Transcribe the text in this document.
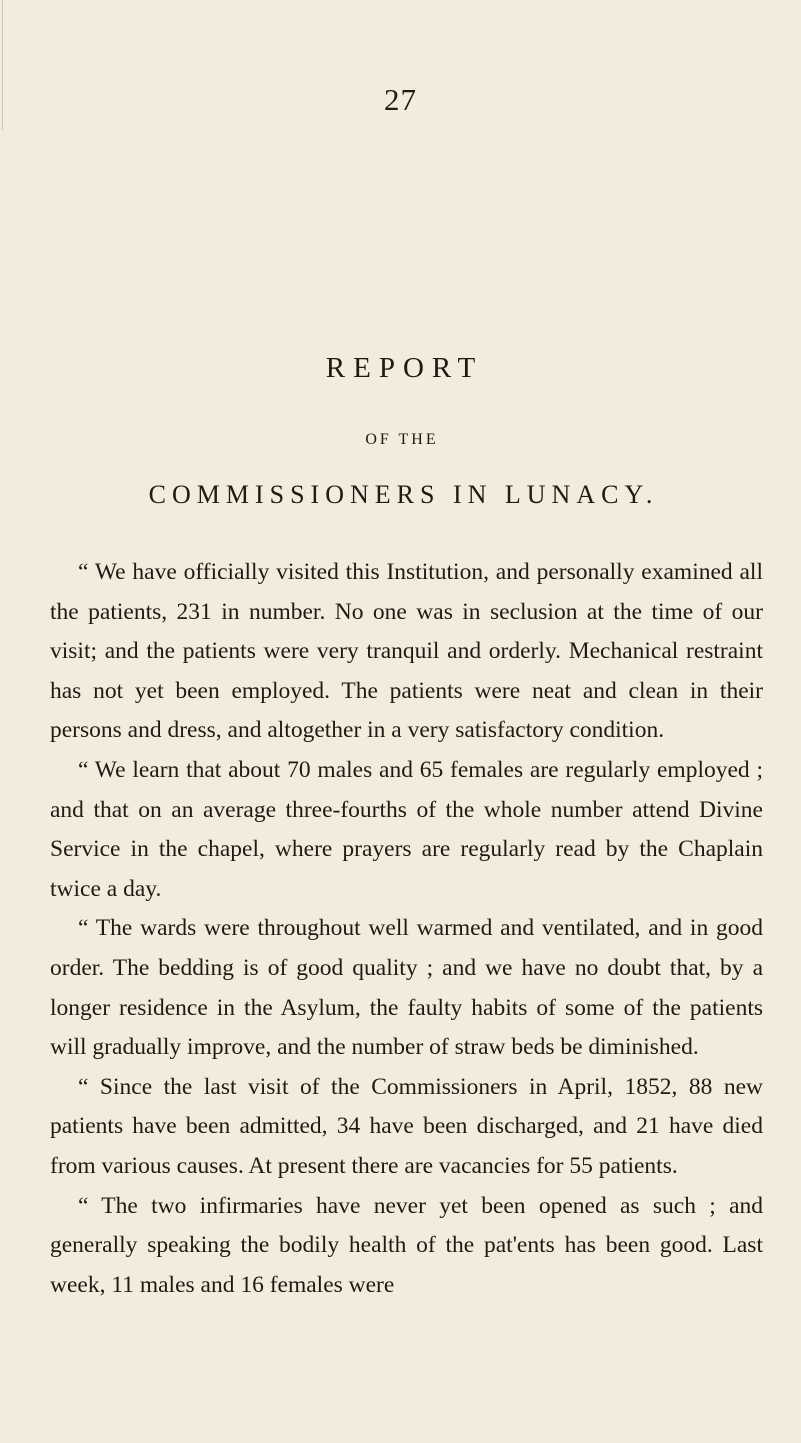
27
REPORT
OF THE
COMMISSIONERS IN LUNACY.

“ We have officially visited this Institution, and personally examined all the patients, 231 in number. No one was in seclusion at the time of our visit; and the patients were very tranquil and orderly. Mechanical restraint has not yet been employed. The patients were neat and clean in their persons and dress, and altogether in a very satisfactory condition.

“ We learn that about 70 males and 65 females are regularly employed ; and that on an average three-fourths of the whole number attend Divine Service in the chapel, where prayers are regularly read by the Chaplain twice a day.

“ The wards were throughout well warmed and ventilated, and in good order. The bedding is of good quality ; and we have no doubt that, by a longer residence in the Asylum, the faulty habits of some of the patients will gradually improve, and the number of straw beds be diminished.

“ Since the last visit of the Commissioners in April, 1852, 88 new patients have been admitted, 34 have been discharged, and 21 have died from various causes. At present there are vacancies for 55 patients.

“ The two infirmaries have never yet been opened as such ; and generally speaking the bodily health of the pat'ents has been good. Last week, 11 males and 16 females were
